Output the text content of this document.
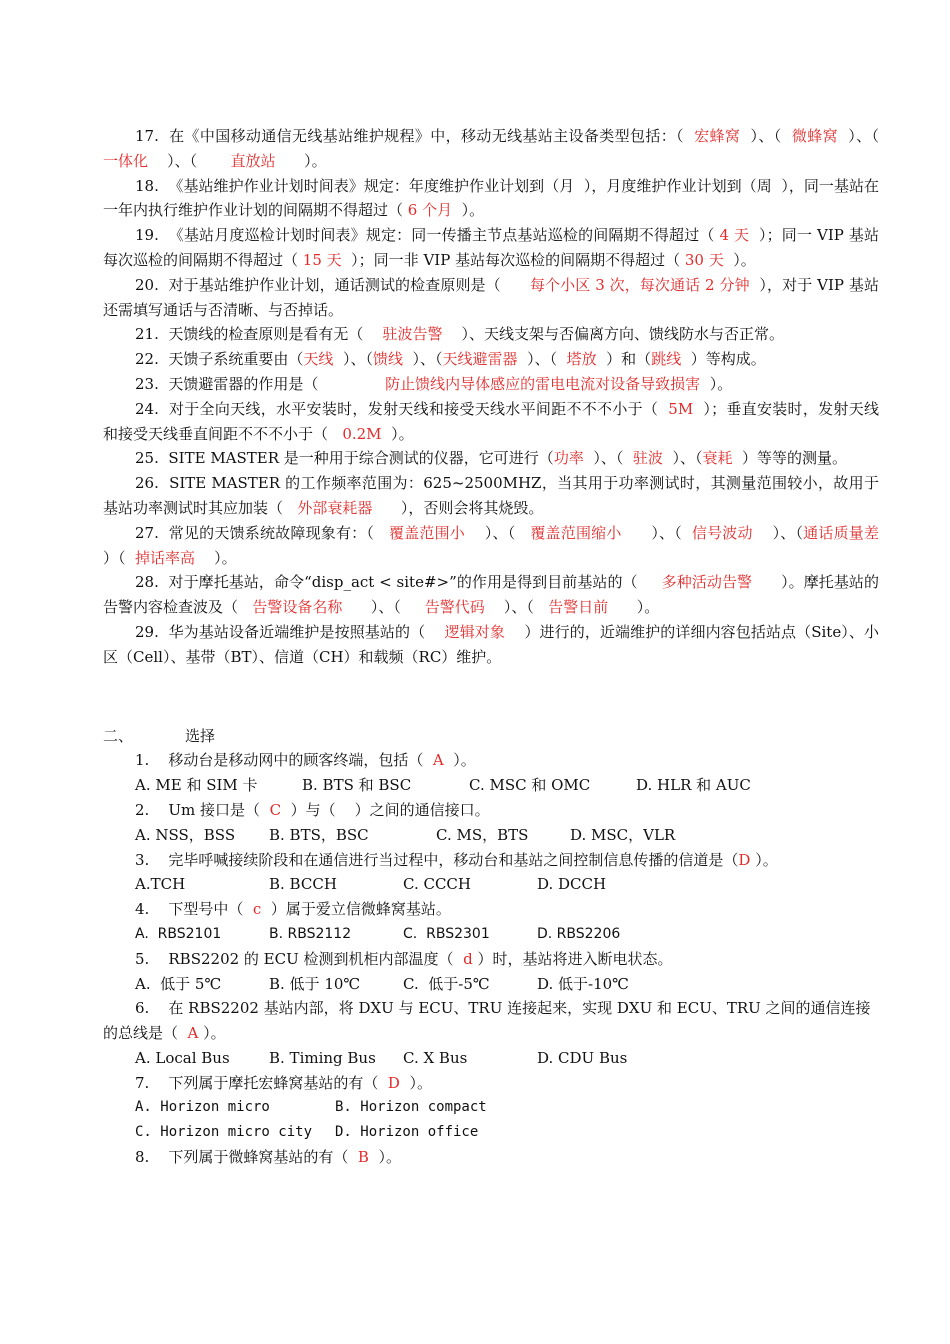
17.  在《中国移动通信无线基站维护规程》中，移动无线基站主设备类型包括：（  宏蜂窝  ）、（  微蜂窝  ）、（  一体化    ）、（       直放站      ）。

18.  《基站维护作业计划时间表》规定：年度维护作业计划到（月  ），月度维护作业计划到（周  ），同一基站在一年内执行维护作业计划的间隔期不得超过（ 6 个月  ）。

19.  《基站月度巡检计划时间表》规定：同一传播主节点基站巡检的间隔期不得超过（ 4 天  ）；同一 VIP 基站每次巡检的间隔期不得超过（ 15 天  ）；同一非 VIP 基站每次巡检的间隔期不得超过（ 30 天  ）。

20.  对于基站维护作业计划，通话测试的检查原则是（      每个小区 3 次，每次通话 2 分钟  ），对于 VIP 基站还需填写通话与否清晰、与否掉话。

21.  天馈线的检查原则是看有无（    驻波告警    ）、天线支架与否偏离方向、馈线防水与否正常。

22.  天馈子系统重要由（天线  ）、（馈线  ）、（天线避雷器  ）、（  塔放  ）和（跳线  ）等构成。

23.  天馈避雷器的作用是（              防止馈线内导体感应的雷电电流对设备导致损害  ）。

24.  对于全向天线，水平安装时，发射天线和接受天线水平间距不不不小于（  5M  ）；垂直安装时，发射天线和接受天线垂直间距不不不小于（   0.2M  ）。

25.  SITE MASTER 是一种用于综合测试的仪器，它可进行（功率  ）、（  驻波  ）、（衰耗  ）等等的测量。

26.  SITE MASTER 的工作频率范围为：625~2500MHZ，当其用于功率测试时，其测量范围较小，故用于基站功率测试时其应加装（   外部衰耗器      ），否则会将其烧毁。

27.  常见的天馈系统故障现象有：（   覆盖范围小    ）、（   覆盖范围缩小      ）、（  信号波动    ）、（通话质量差    ）（  掉话率高    ）。

28.  对于摩托基站，命令“disp_act < site#>”的作用是得到目前基站的（     多种活动告警      ）。摩托基站的告警内容检查波及（   告警设备名称      ）、（     告警代码    ）、（   告警日前      ）。

29.  华为基站设备近端维护是按照基站的（    逻辑对象    ）进行的，近端维护的详细内容包括站点（Site）、小区（Cell）、基带（BT）、信道（CH）和载频（RC）维护。

二、	选择

1.    移动台是移动网中的顾客终端，包括（  A  ）。

A. ME 和 SIM 卡	B. BTS 和 BSC	C. MSC 和 OMC	D. HLR 和 AUC

2.    Um 接口是（  C  ）与（    ）之间的通信接口。

A. NSS，BSS	B. BTS，BSC	C. MS，BTS	D. MSC，VLR

3.    完毕呼喊接续阶段和在通信进行当过程中，移动台和基站之间控制信息传播的信道是（D ）。

A.TCH	B. BCCH	C. CCCH	D. DCCH

4.    下型号中（  c  ）属于爱立信微蜂窝基站。

A.  RBS2101	B. RBS2112	C.  RBS2301	D. RBS2206

5.    RBS2202 的 ECU 检测到机柜内部温度（  d ）时，基站将进入断电状态。

A.  低于 5℃	B. 低于 10℃	C.  低于-5℃	D. 低于-10℃

6.    在 RBS2202 基站内部，将 DXU 与 ECU、TRU 连接起来，实现 DXU 和 ECU、TRU 之间的通信连接的总线是（  A ）。

A. Local Bus	B. Timing Bus	C. X Bus	D. CDU Bus

7.    下列属于摩托宏蜂窝基站的有（  D  ）。

A. Horizon micro	B. Horizon compact
C. Horizon micro city	D. Horizon office

8.    下列属于微蜂窝基站的有（  B  ）。
